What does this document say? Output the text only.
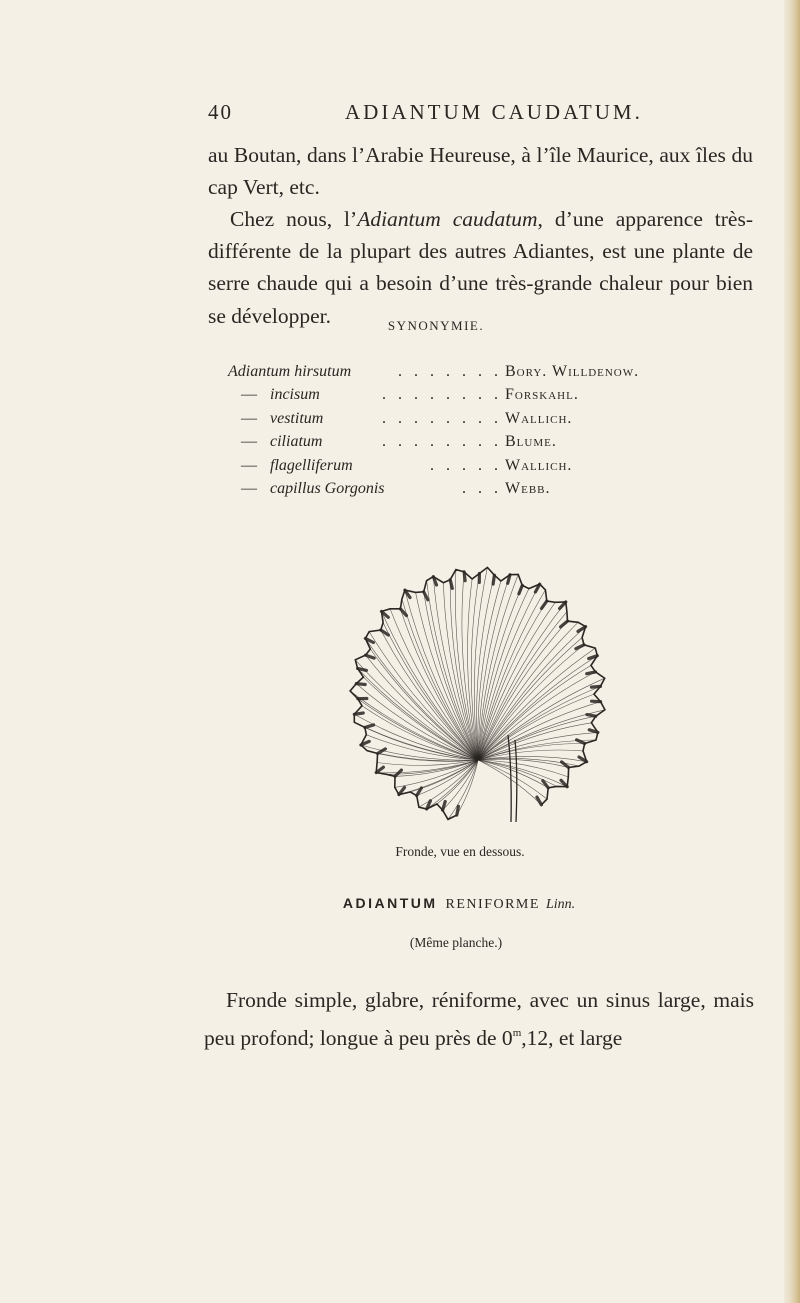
40	ADIANTUM CAUDATUM.

au Boutan, dans l’Arabie Heureuse, à l’île Maurice, aux îles du cap Vert, etc.

Chez nous, l’Adiantum caudatum, d’une apparence très-différente de la plupart des autres Adiantes, est une plante de serre chaude qui a besoin d’une très-grande chaleur pour bien se développer.	SYNONYMIE.
Adiantum hirsutum	. . . . . . . Bory. Willdenow.
— incisum	. . . . . . . . Forskahl.
— vestitum	. . . . . . . . Wallich.
— ciliatum	. . . . . . . . Blume.
— flagelliferum	. . . . . Wallich.
— capillus Gorgonis	. . . Webb.
Fronde, vue en dessous.
ADIANTUM RENIFORME Linn.
(Même planche.)

Fronde simple, glabre, réniforme, avec un sinus large, mais peu profond; longue à peu près de 0$^m$,12, et large
